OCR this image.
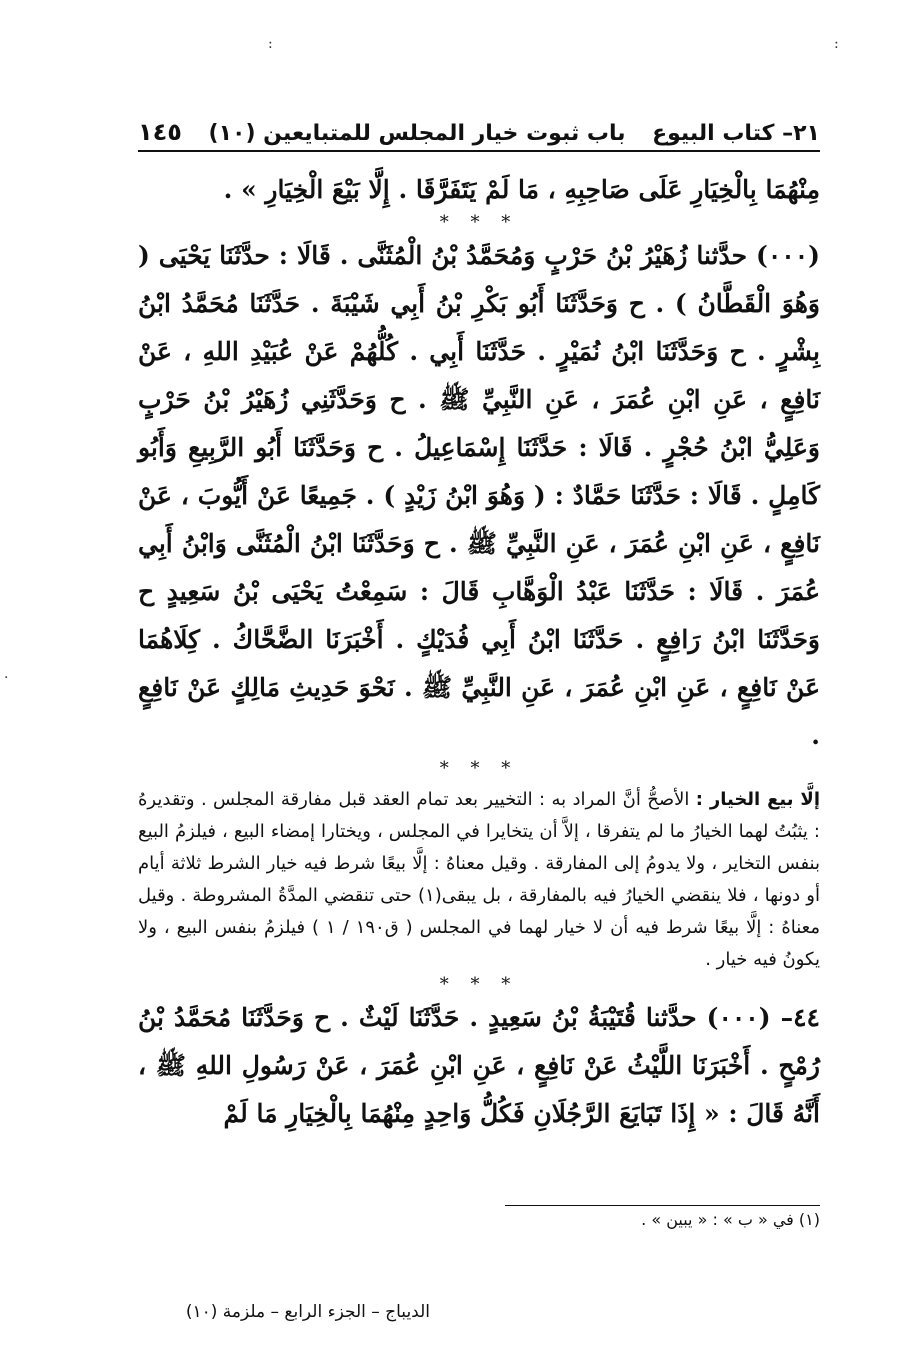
:	:
·
٢١– كتاب البيوع
(١٠) باب ثبوت خيار المجلس للمتبايعين
١٤٥

مِنْهُمَا بِالْخِيَارِ عَلَى صَاحِبِهِ ، مَا لَمْ يَتَفَرَّقَا . إِلَّا بَيْعَ الْخِيَارِ » .

* * *

(٠٠٠) حدَّثنا زُهَيْرُ بْنُ حَرْبٍ وَمُحَمَّدُ بْنُ الْمُثَنَّى . قَالَا : حدَّثَنَا يَحْيَى ( وَهُوَ الْقَطَّانُ ) . ح وَحَدَّثَنَا أَبُو بَكْرِ بْنُ أَبِي شَيْبَةَ . حَدَّثَنَا مُحَمَّدُ ابْنُ بِشْرٍ . ح وَحَدَّثَنَا ابْنُ نُمَيْرٍ . حَدَّثَنَا أَبِي . كُلُّهُمْ عَنْ عُبَيْدِ اللهِ ، عَنْ نَافِعٍ ، عَنِ ابْنِ عُمَرَ ، عَنِ النَّبِيِّ ﷺ . ح وَحَدَّثَنِي زُهَيْرُ بْنُ حَرْبٍ وَعَلِيُّ ابْنُ حُجْرٍ . قَالَا : حَدَّثَنَا إِسْمَاعِيلُ . ح وَحَدَّثَنَا أَبُو الرَّبِيعِ وَأَبُو كَامِلٍ . قَالَا : حَدَّثَنَا حَمَّادٌ : ( وَهُوَ ابْنُ زَيْدٍ ) . جَمِيعًا عَنْ أَيُّوبَ ، عَنْ نَافِعٍ ، عَنِ ابْنِ عُمَرَ ، عَنِ النَّبِيِّ ﷺ . ح وَحَدَّثَنَا ابْنُ الْمُثَنَّى وَابْنُ أَبِي عُمَرَ . قَالَا : حَدَّثَنَا عَبْدُ الْوَهَّابِ قَالَ : سَمِعْتُ يَحْيَى بْنُ سَعِيدٍ ح وَحَدَّثَنَا ابْنُ رَافِعٍ . حَدَّثَنَا ابْنُ أَبِي فُدَيْكٍ . أَخْبَرَنَا الضَّحَّاكُ . كِلَاهُمَا عَنْ نَافِعٍ ، عَنِ ابْنِ عُمَرَ ، عَنِ النَّبِيِّ ﷺ . نَحْوَ حَدِيثِ مَالِكٍ عَنْ نَافِعٍ .

* * *

إلَّا بيع الخيار : الأصحُّ أنَّ المراد به : التخيير بعد تمام العقد قبل مفارقة المجلس . وتقديرهُ : يثبُتُ لهما الخيارُ ما لم يتفرقا ، إلاَّ أن يتخايرا في المجلس ، ويختارا إمضاء البيع ، فيلزمُ البيع بنفس التخاير ، ولا يدومُ إلى المفارقة . وقيل معناهُ : إلَّا بيعًا شرط فيه خيار الشرط ثلاثة أيام أو دونها ، فلا ينقضي الخيارُ فيه بالمفارقة ، بل يبقى(١) حتى تنقضي المدَّةُ المشروطة . وقيل معناهُ : إلَّا بيعًا شرط فيه أن لا خيار لهما في المجلس ( ق١٩٠ / ١ ) فيلزمُ بنفس البيع ، ولا يكونُ فيه خيار .

* * *

٤٤– (٠٠٠) حدَّثنا قُتَيْبَةُ بْنُ سَعِيدٍ . حَدَّثَنَا لَيْثٌ . ح وَحَدَّثَنَا مُحَمَّدُ بْنُ رُمْحٍ . أَخْبَرَنَا اللَّيْثُ عَنْ نَافِعٍ ، عَنِ ابْنِ عُمَرَ ، عَنْ رَسُولِ اللهِ ﷺ ، أَنَّهُ قَالَ : « إِذَا تَبَايَعَ الرَّجُلَانِ فَكُلُّ وَاحِدٍ مِنْهُمَا بِالْخِيَارِ مَا لَمْ

(١) في « ب » : « يبين » .
الديباج – الجزء الرابع – ملزمة (١٠)
